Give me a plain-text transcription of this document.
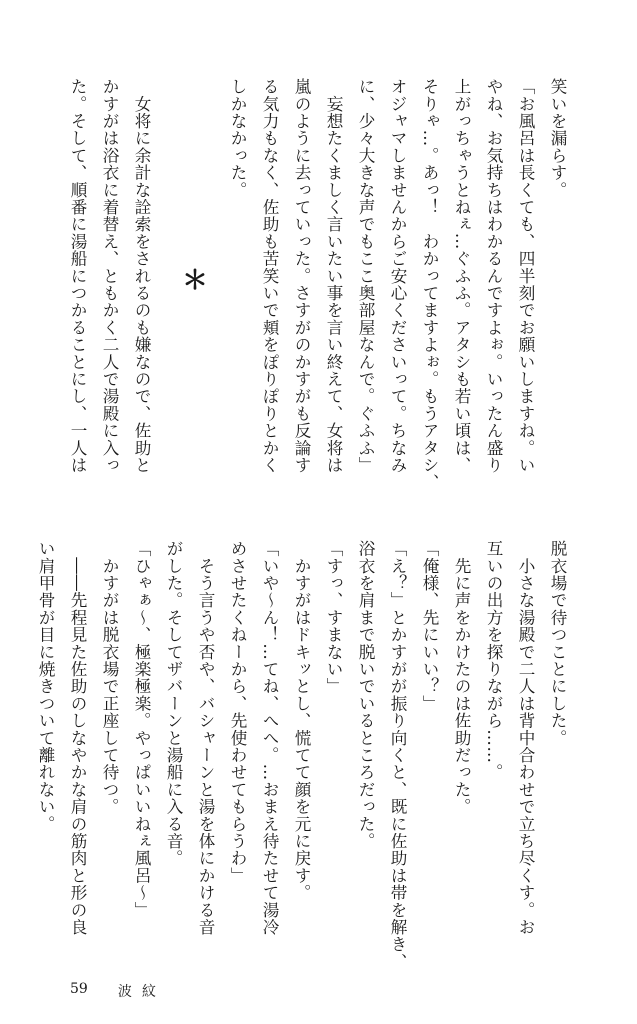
笑いを漏らす。
「お風呂は長くても、四半刻でお願いしますね。い
やね、お気持ちはわかるんですよぉ。いったん盛り
上がっちゃうとねぇ…ぐふふ。アタシも若い頃は、
そりゃ…。あっ！　わかってますよぉ。もうアタシ、
オジャマしませんからご安心くださいって。ちなみ
に、少々大きな声でもここ奥部屋なんで。ぐふふ」
　妄想たくましく言いたい事を言い終えて、女将は
嵐のように去っていった。さすがのかすがも反論す
る気力もなく、佐助も苦笑いで頬をぽりぽりとかく
しかなかった。
　女将に余計な詮索をされるのも嫌なので、佐助と
かすがは浴衣に着替え、ともかく二人で湯殿に入っ
た。そして、順番に湯船につかることにし、一人は	＊
脱衣場で待つことにした。
　小さな湯殿で二人は背中合わせで立ち尽くす。お
互いの出方を探りながら……。
　先に声をかけたのは佐助だった。
「俺様、先にいい？」
「え？」とかすがが振り向くと、既に佐助は帯を解き、
浴衣を肩まで脱いでいるところだった。
「すっ、すまない」
　かすがはドキッとし、慌てて顔を元に戻す。
「いや～ん！…てね、へへ。…おまえ待たせて湯冷
めさせたくねーから、先使わせてもらうわ」
　そう言うや否や、バシャーンと湯を体にかける音
がした。そしてザバーンと湯船に入る音。
「ひゃぁ～、極楽極楽。やっぱいいねぇ風呂～」
　かすがは脱衣場で正座して待つ。
　――先程見た佐助のしなやかな肩の筋肉と形の良
い肩甲骨が目に焼きついて離れない。
59 波紋
